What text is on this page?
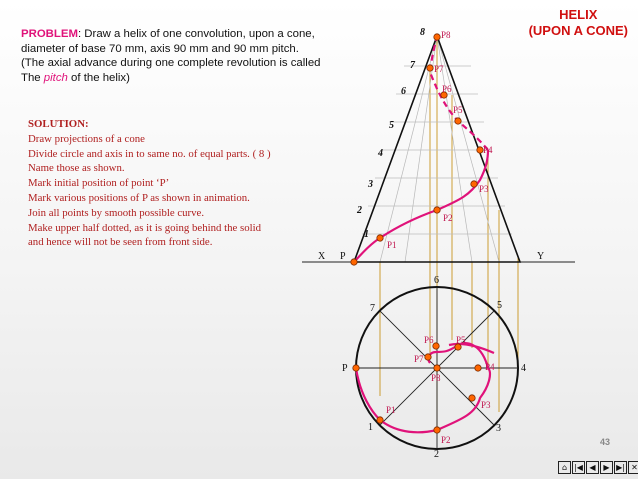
HELIX
(UPON A CONE)
PROBLEM: Draw a helix of one convolution, upon a cone,
diameter of base 70 mm, axis 90 mm and 90 mm pitch.
(The axial advance during one complete revolution is called
The pitch of the helix)
SOLUTION:
Draw projections of a cone
Divide circle and axis in to same no. of equal parts. ( 8 )
Name those as shown.
Mark initial position of point ‘P’
Mark various positions of P as shown in animation.
Join all points by smooth possible curve.
Make upper half dotted, as it is going behind the solid
and hence will not be seen from front side.
X	Y
P
1
2
3
4
5
6
7
8
P1
P2
P3
P4
P5
P6
P7
P8
1
2
3
4
5
6
7
P
P1
P2
P3
P4
P5
P6
P7
P8
43
⌂ |◀ ◀ ▶ ▶| ✕
